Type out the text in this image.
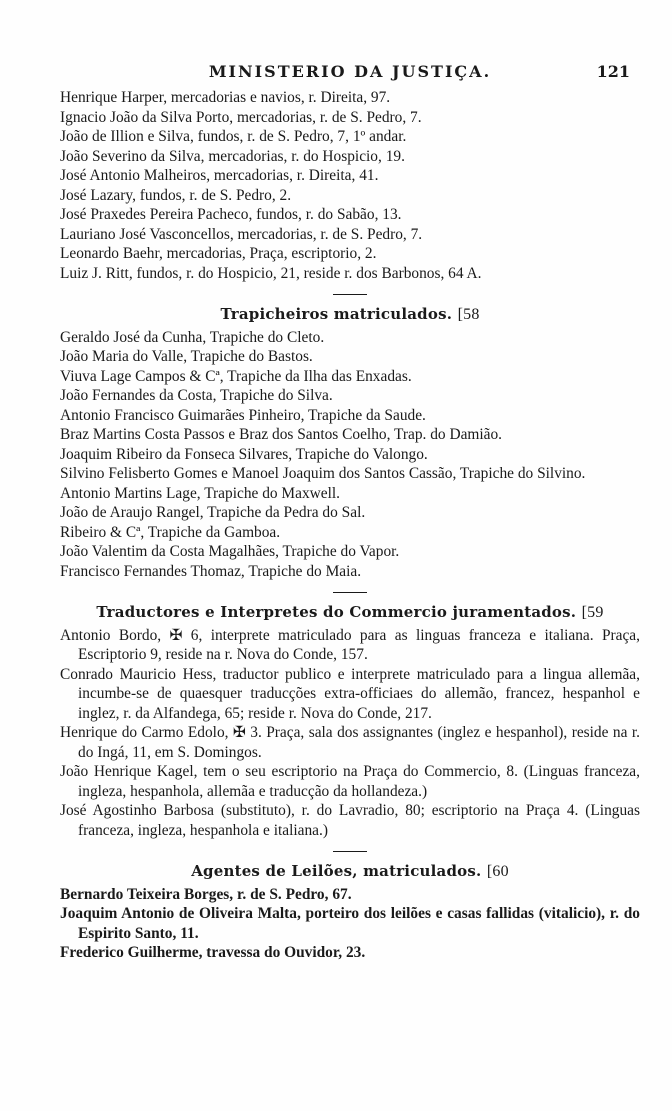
MINISTERIO DA JUSTIÇA.	121

Henrique Harper, mercadorias e navios, r. Direita, 97.

Ignacio João da Silva Porto, mercadorias, r. de S. Pedro, 7.

João de Illion e Silva, fundos, r. de S. Pedro, 7, 1º andar.

João Severino da Silva, mercadorias, r. do Hospicio, 19.

José Antonio Malheiros, mercadorias, r. Direita, 41.

José Lazary, fundos, r. de S. Pedro, 2.

José Praxedes Pereira Pacheco, fundos, r. do Sabão, 13.

Lauriano José Vasconcellos, mercadorias, r. de S. Pedro, 7.

Leonardo Baehr, mercadorias, Praça, escriptorio, 2.

Luiz J. Ritt, fundos, r. do Hospicio, 21, reside r. dos Barbonos, 64 A.

Trapicheiros matriculados. [58

Geraldo José da Cunha, Trapiche do Cleto.

João Maria do Valle, Trapiche do Bastos.

Viuva Lage Campos & Cª, Trapiche da Ilha das Enxadas.

João Fernandes da Costa, Trapiche do Silva.

Antonio Francisco Guimarães Pinheiro, Trapiche da Saude.

Braz Martins Costa Passos e Braz dos Santos Coelho, Trap. do Damião.

Joaquim Ribeiro da Fonseca Silvares, Trapiche do Valongo.

Silvino Felisberto Gomes e Manoel Joaquim dos Santos Cassão, Trapiche do Silvino.

Antonio Martins Lage, Trapiche do Maxwell.

João de Araujo Rangel, Trapiche da Pedra do Sal.

Ribeiro & Cª, Trapiche da Gamboa.

João Valentim da Costa Magalhães, Trapiche do Vapor.

Francisco Fernandes Thomaz, Trapiche do Maia.

Traductores e Interpretes do Commercio juramentados. [59

Antonio Bordo, ✠ 6, interprete matriculado para as linguas franceza e italiana. Praça, Escriptorio 9, reside na r. Nova do Conde, 157.

Conrado Mauricio Hess, traductor publico e interprete matriculado para a lingua allemãa, incumbe-se de quaesquer traducções extra-officiaes do allemão, francez, hespanhol e inglez, r. da Alfandega, 65; reside r. Nova do Conde, 217.

Henrique do Carmo Edolo, ✠ 3. Praça, sala dos assignantes (inglez e hespanhol), reside na r. do Ingá, 11, em S. Domingos.

João Henrique Kagel, tem o seu escriptorio na Praça do Commercio, 8. (Linguas franceza, ingleza, hespanhola, allemãa e traducção da hollandeza.)

José Agostinho Barbosa (substituto), r. do Lavradio, 80; escriptorio na Praça 4. (Linguas franceza, ingleza, hespanhola e italiana.)

Agentes de Leilões, matriculados. [60

Bernardo Teixeira Borges, r. de S. Pedro, 67.

Joaquim Antonio de Oliveira Malta, porteiro dos leilões e casas fallidas (vitalicio), r. do Espirito Santo, 11.

Frederico Guilherme, travessa do Ouvidor, 23.
